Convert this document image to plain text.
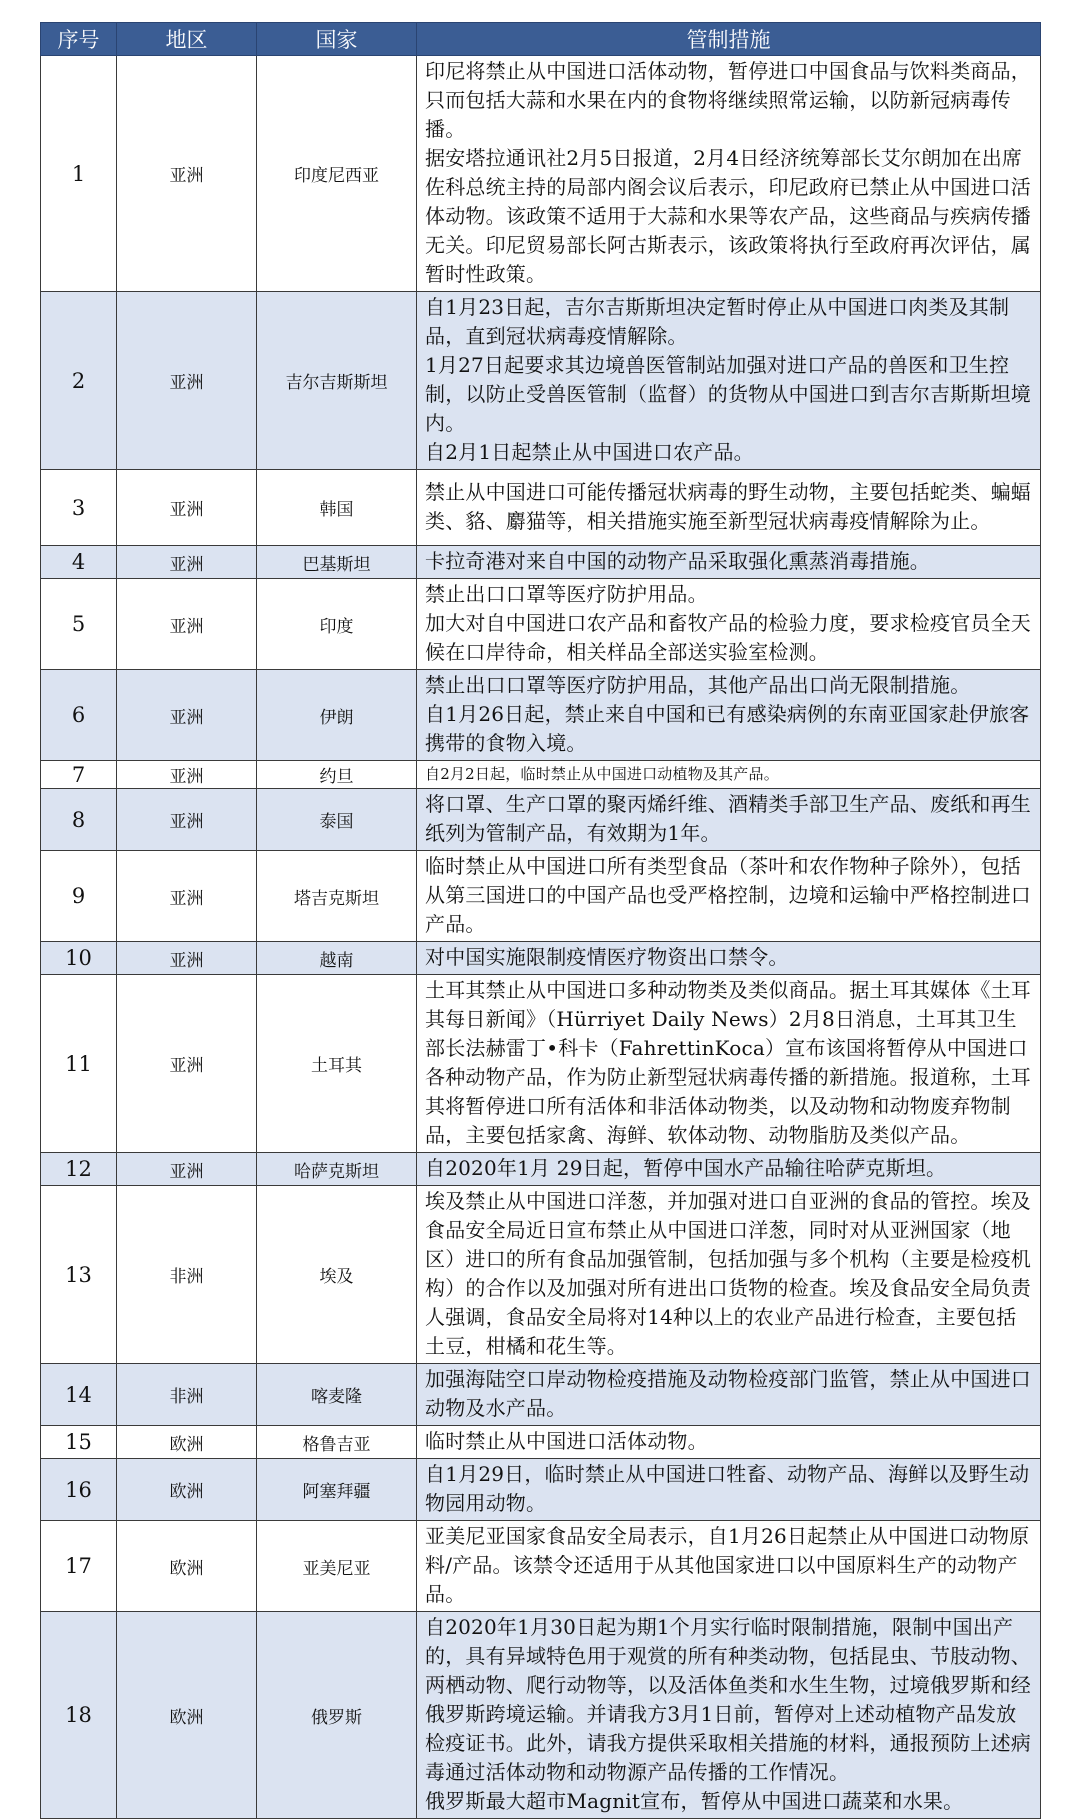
序号	地区	国家	管制措施
1	亚洲	印度尼西亚	印尼将禁止从中国进口活体动物，暂停进口中国食品与饮料类商品，只而包括大蒜和水果在内的食物将继续照常运输，以防新冠病毒传播。
据安塔拉通讯社2月5日报道，2月4日经济统筹部长艾尔朗加在出席佐科总统主持的局部内阁会议后表示，印尼政府已禁止从中国进口活体动物。该政策不适用于大蒜和水果等农产品，这些商品与疾病传播无关。印尼贸易部长阿古斯表示，该政策将执行至政府再次评估，属暂时性政策。

2	亚洲	吉尔吉斯斯坦	自1月23日起，吉尔吉斯斯坦决定暂时停止从中国进口肉类及其制品，直到冠状病毒疫情解除。
1月27日起要求其边境兽医管制站加强对进口产品的兽医和卫生控制，以防止受兽医管制（监督）的货物从中国进口到吉尔吉斯斯坦境内。
自2月1日起禁止从中国进口农产品。

3	亚洲	韩国	禁止从中国进口可能传播冠状病毒的野生动物，主要包括蛇类、蝙蝠类、貉、麝猫等，相关措施实施至新型冠状病毒疫情解除为止。

4	亚洲	巴基斯坦	卡拉奇港对来自中国的动物产品采取强化熏蒸消毒措施。

5	亚洲	印度	禁止出口口罩等医疗防护用品。
加大对自中国进口农产品和畜牧产品的检验力度，要求检疫官员全天候在口岸待命，相关样品全部送实验室检测。

6	亚洲	伊朗	禁止出口口罩等医疗防护用品，其他产品出口尚无限制措施。
自1月26日起，禁止来自中国和已有感染病例的东南亚国家赴伊旅客携带的食物入境。

7	亚洲	约旦	自2月2日起，临时禁止从中国进口动植物及其产品。

8	亚洲	泰国	将口罩、生产口罩的聚丙烯纤维、酒精类手部卫生产品、废纸和再生纸列为管制产品，有效期为1年。

9	亚洲	塔吉克斯坦	临时禁止从中国进口所有类型食品（茶叶和农作物种子除外），包括从第三国进口的中国产品也受严格控制，边境和运输中严格控制进口产品。

10	亚洲	越南	对中国实施限制疫情医疗物资出口禁令。

11	亚洲	土耳其	土耳其禁止从中国进口多种动物类及类似商品。据土耳其媒体《土耳其每日新闻》（Hürriyet Daily News）2月8日消息，土耳其卫生部长法赫雷丁•科卡（FahrettinKoca）宣布该国将暂停从中国进口各种动物产品，作为防止新型冠状病毒传播的新措施。报道称，土耳其将暂停进口所有活体和非活体动物类，以及动物和动物废弃物制品，主要包括家禽、海鲜、软体动物、动物脂肪及类似产品。

12	亚洲	哈萨克斯坦	自2020年1月 29日起，暂停中国水产品输往哈萨克斯坦。

13	非洲	埃及	埃及禁止从中国进口洋葱，并加强对进口自亚洲的食品的管控。埃及食品安全局近日宣布禁止从中国进口洋葱，同时对从亚洲国家（地区）进口的所有食品加强管制，包括加强与多个机构（主要是检疫机构）的合作以及加强对所有进出口货物的检查。埃及食品安全局负责人强调，食品安全局将对14种以上的农业产品进行检查，主要包括土豆，柑橘和花生等。

14	非洲	喀麦隆	加强海陆空口岸动物检疫措施及动物检疫部门监管，禁止从中国进口动物及水产品。

15	欧洲	格鲁吉亚	临时禁止从中国进口活体动物。

16	欧洲	阿塞拜疆	自1月29日，临时禁止从中国进口牲畜、动物产品、海鲜以及野生动物园用动物。

17	欧洲	亚美尼亚	亚美尼亚国家食品安全局表示，自1月26日起禁止从中国进口动物原料/产品。该禁令还适用于从其他国家进口以中国原料生产的动物产品。

18	欧洲	俄罗斯	自2020年1月30日起为期1个月实行临时限制措施，限制中国出产的，具有异域特色用于观赏的所有种类动物，包括昆虫、节肢动物、两栖动物、爬行动物等，以及活体鱼类和水生生物，过境俄罗斯和经俄罗斯跨境运输。并请我方3月1日前，暂停对上述动植物产品发放检疫证书。此外，请我方提供采取相关措施的材料，通报预防上述病毒通过活体动物和动物源产品传播的工作情况。
俄罗斯最大超市Magnit宣布，暂停从中国进口蔬菜和水果。
